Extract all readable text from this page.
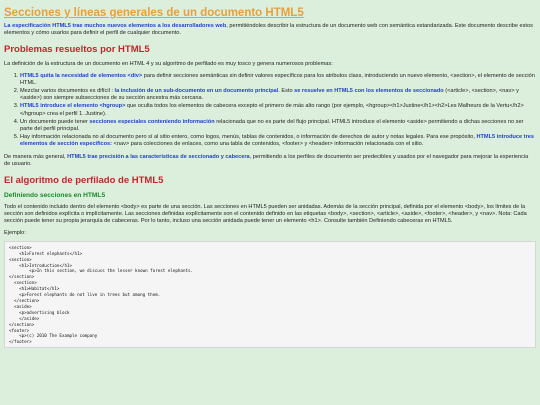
Secciones y líneas generales de un documento HTML5

La especificación HTML5 trae muchos nuevos elementos a los desarrolladores web, permitiéndoles describir la estructura de un documento web con semántica estandarizada. Este documento describe estos elementos y cómo usarlos para definir el perfil de cualquier documento.

Problemas resueltos por HTML5

La definición de la estructura de un documento en HTML 4 y su algoritmo de perfilado es muy tosco y genera numerosos problemas:

1. HTML5 quita la necesidad de elementos <div> para definir secciones semánticas sin definir valores específicos para los atributos class, introduciendo un nuevo elemento, <section>, el elemento de sección HTML.
2. Mezclar varios documentos es difícil : la inclusión de un sub-documento en un documento principal. Esto se resuelve en HTML5 con los elementos de seccionado (<article>, <section>, <nav> y <aside>) son siempre subsecciones de su sección ancestra más cercana.
3. HTML5 introduce el elemento <hgroup> que oculta todos los elementos de cabecera excepto el primero de más alto rango (por ejemplo, <hgroup><h1>Justine</h1><h2>Les Malheurs de la Vertu</h2></hgroup> crea el perfil 1. Justine).
4. Un documento puede tener secciones especiales conteniendo información relacionada que no es parte del flujo principal. HTML5 introduce el elemento <aside> permitiendo a dichas secciones no ser parte del perfil principal.
5. Hay información relacionada no al documento pero sí al sitio entero, como logos, menús, tablas de contenidos, o información de derechos de autor y notas legales. Para ese propósito, HTML5 introduce tres elementos de sección específicos: <nav> para colecciones de enlaces, como una tabla de contenidos, <footer> y <header> información relacionada con el sitio.

De manera más general, HTML5 trae precisión a las características de seccionado y cabecera, permitiendo a los perfiles de documento ser predecibles y usados por el navegador para mejorar la experiencia de usuario.

El algoritmo de perfilado de HTML5
Definiendo secciones en HTML5

Todo el contenido incluido dentro del elemento <body> es parte de una sección. Las secciones en HTML5 pueden ser anidadas. Además de la sección principal, definida por el elemento <body>, los límites de la sección son definidos explícita o implícitamente. Las secciones definidas explícitamente son el contenido definido en las etiquetas <body>, <section>, <article>, <aside>, <footer>, <header>, y <nav>. Nota: Cada sección puede tener su propia jerarquía de cabeceras. Por lo tanto, incluso una sección anidada puede tener un elemento <h1>. Consulte también Definiendo cabeceras en HTML5.

Ejemplo:

<section>
<h1>Forest elephants</h1>
<section>
<h1>Introduction</h1>
<p>In this section, we discuss the lesser known forest elephants.
</section>
<section>
<h1>Habitat</h1>
<p>Forest elephants do not live in trees but among them.
</section>
<aside>
<p>advertising block
</aside>
</section>
<footer>
<p>(c) 2010 The Example company
</footer>
